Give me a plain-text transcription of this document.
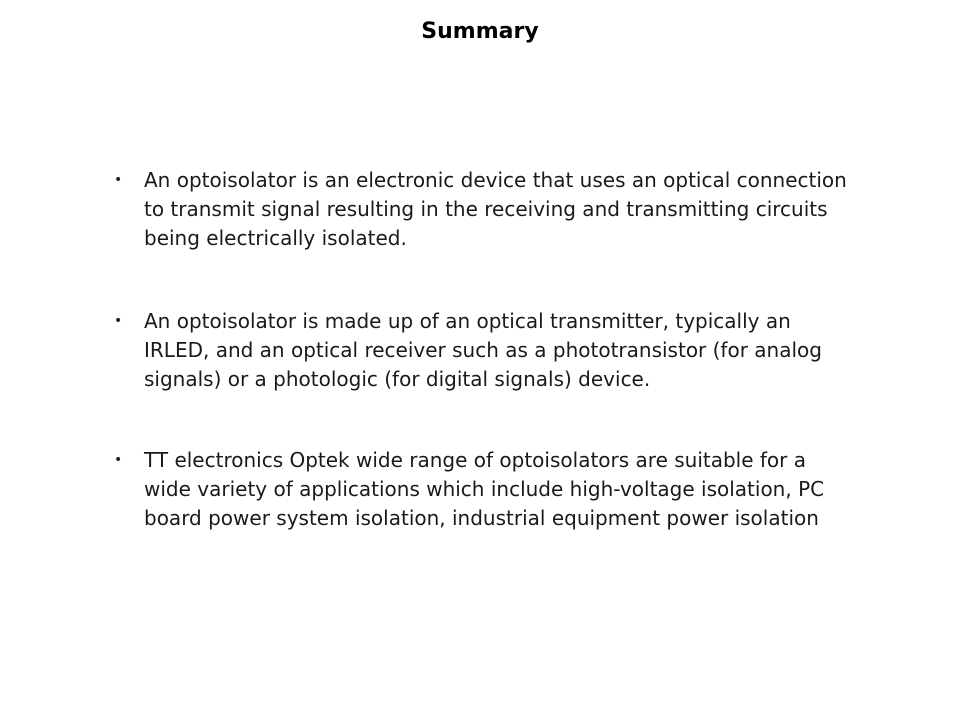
Summary
• An optoisolator is an electronic device that uses an optical connection to transmit signal resulting in the receiving and transmitting circuits being electrically isolated.
• An optoisolator is made up of an optical transmitter, typically an IRLED, and an optical receiver such as a phototransistor (for analog signals) or a photologic (for digital signals) device.
• TT electronics Optek wide range of optoisolators are suitable for a wide variety of applications which include high-voltage isolation, PC board power system isolation, industrial equipment power isolation
